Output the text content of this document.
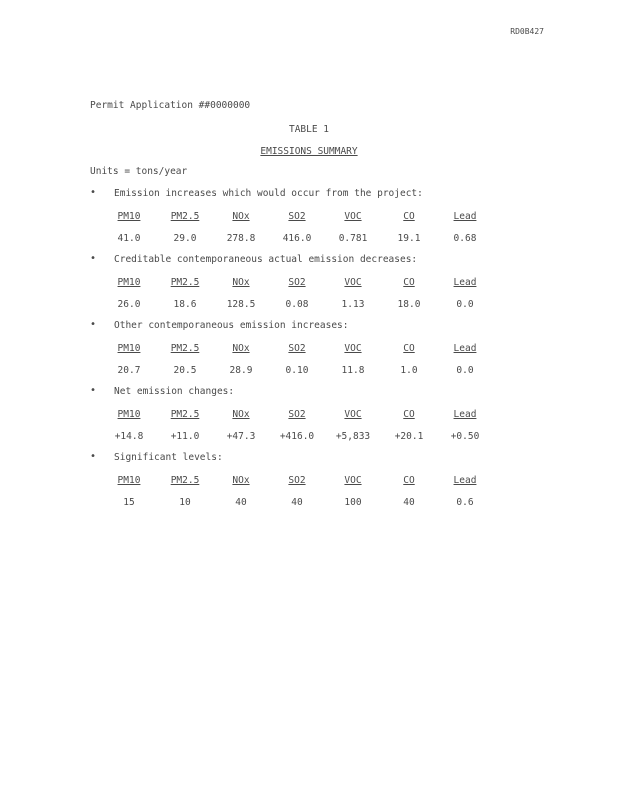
RD0B427
Permit Application ##0000000
TABLE 1
EMISSIONS SUMMARY
Units = tons/year
• Emission increases which would occur from the project:
PM10	PM2.5	NOx	SO2	VOC	CO	Lead
41.0	29.0	278.8	416.0	0.781	19.1	0.68
• Creditable contemporaneous actual emission decreases:
PM10	PM2.5	NOx	SO2	VOC	CO	Lead
26.0	18.6	128.5	0.08	1.13	18.0	0.0
• Other contemporaneous emission increases:
PM10	PM2.5	NOx	SO2	VOC	CO	Lead
20.7	20.5	28.9	0.10	11.8	1.0	0.0
• Net emission changes:
PM10	PM2.5	NOx	SO2	VOC	CO	Lead
+14.8	+11.0	+47.3	+416.0	+5,833	+20.1	+0.50
• Significant levels:
PM10	PM2.5	NOx	SO2	VOC	CO	Lead
15	10	40	40	100	40	0.6
